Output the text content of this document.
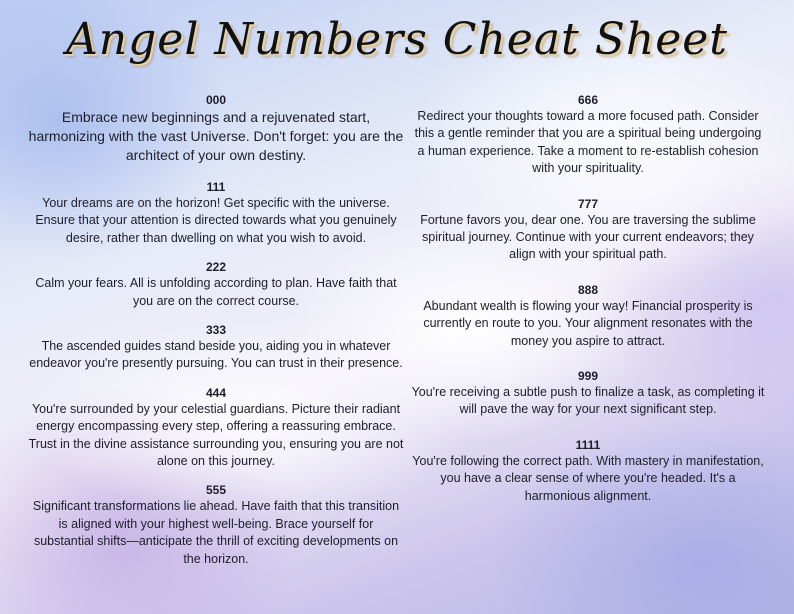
Angel Numbers Cheat Sheet
000
Embrace new beginnings and a rejuvenated start, harmonizing with the vast Universe. Don't forget: you are the architect of your own destiny.
111
Your dreams are on the horizon! Get specific with the universe. Ensure that your attention is directed towards what you genuinely desire, rather than dwelling on what you wish to avoid.
222
Calm your fears. All is unfolding according to plan. Have faith that you are on the correct course.
333
The ascended guides stand beside you, aiding you in whatever endeavor you're presently pursuing. You can trust in their presence.
444
You're surrounded by your celestial guardians. Picture their radiant energy encompassing every step, offering a reassuring embrace. Trust in the divine assistance surrounding you, ensuring you are not alone on this journey.
555
Significant transformations lie ahead. Have faith that this transition is aligned with your highest well-being. Brace yourself for substantial shifts—anticipate the thrill of exciting developments on the horizon.
666
Redirect your thoughts toward a more focused path. Consider this a gentle reminder that you are a spiritual being undergoing a human experience. Take a moment to re-establish cohesion with your spirituality.
777
Fortune favors you, dear one. You are traversing the sublime spiritual journey. Continue with your current endeavors; they align with your spiritual path.
888
Abundant wealth is flowing your way! Financial prosperity is currently en route to you. Your alignment resonates with the money you aspire to attract.
999
You're receiving a subtle push to finalize a task, as completing it will pave the way for your next significant step.
1111
You're following the correct path. With mastery in manifestation, you have a clear sense of where you're headed. It's a harmonious alignment.
